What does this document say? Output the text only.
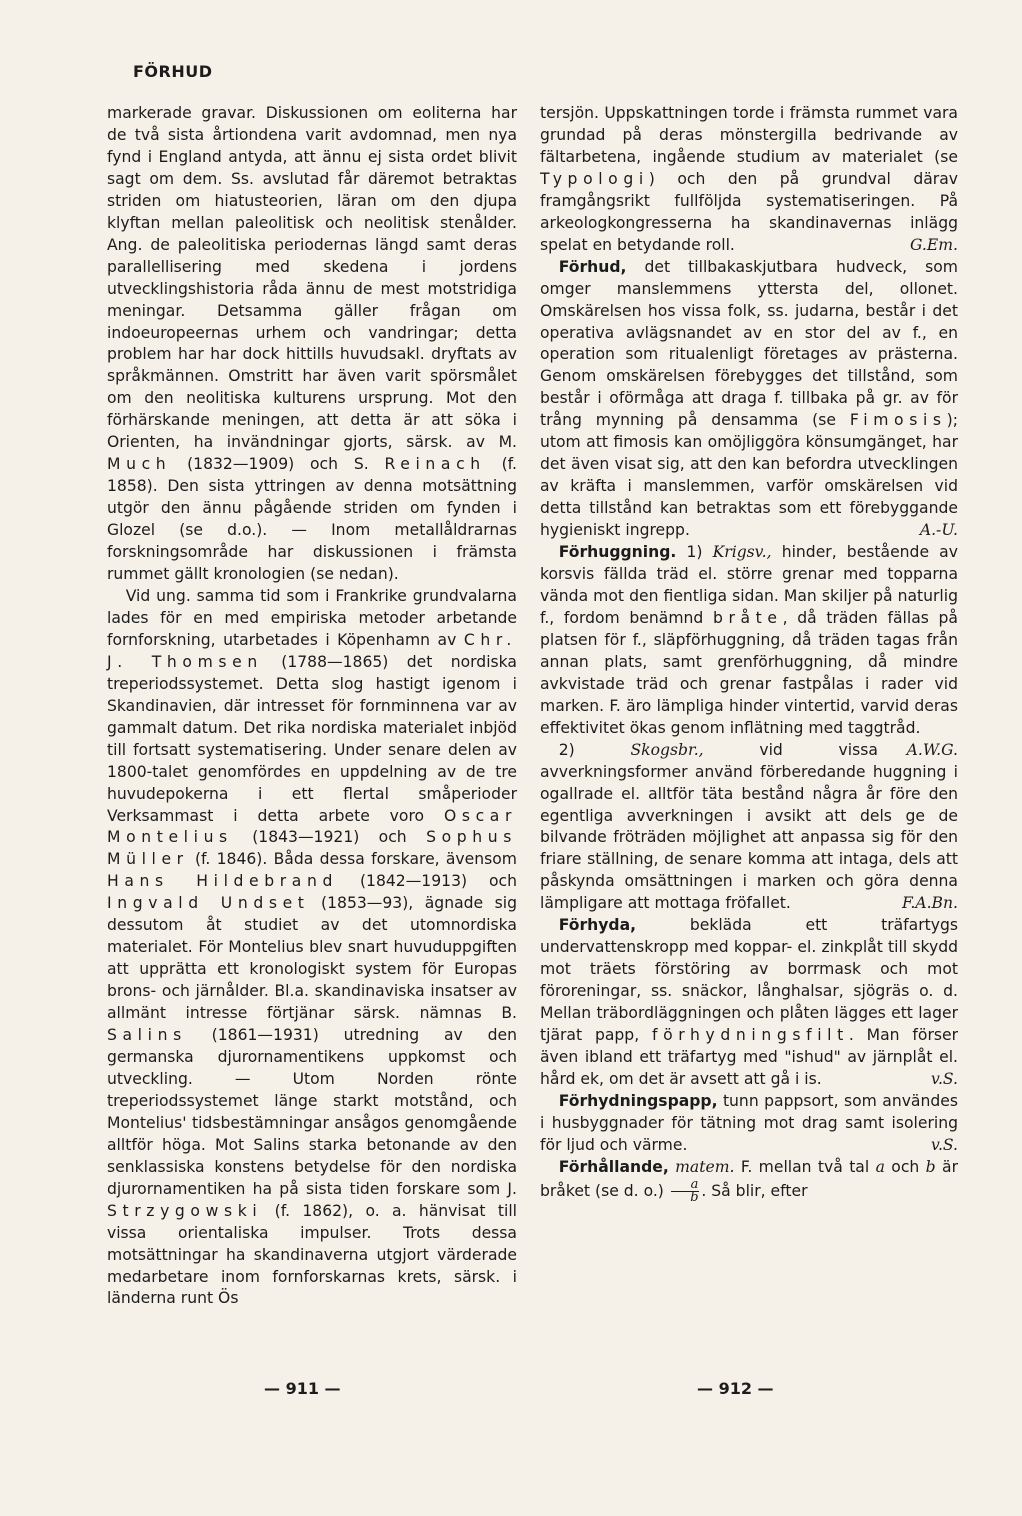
FÖRHUD

markerade gravar. Diskussionen om eoliterna har de två sista årtiondena varit avdomnad, men nya fynd i England antyda, att ännu ej sista ordet blivit sagt om dem. Ss. avslutad får däremot betraktas striden om hiatusteorien, läran om den djupa klyftan mellan paleolitisk och neolitisk stenålder. Ang. de paleolitiska periodernas längd samt deras parallellisering med skedena i jordens utvecklingshistoria råda ännu de mest motstridiga meningar. Detsamma gäller frågan om indoeuropeernas urhem och vandringar; detta problem har har dock hittills huvudsakl. dryftats av språkmännen. Omstritt har även varit spörsmålet om den neolitiska kulturens ursprung. Mot den förhärskande meningen, att detta är att söka i Orienten, ha invändningar gjorts, särsk. av M. Much (1832—1909) och S. Reinach (f. 1858). Den sista yttringen av denna motsättning utgör den ännu pågående striden om fynden i Glozel (se d.o.). — Inom metallåldrarnas forskningsområde har diskussionen i främsta rummet gällt kronologien (se nedan).

Vid ung. samma tid som i Frankrike grundvalarna lades för en med empiriska metoder arbetande fornforskning, utarbetades i Köpenhamn av Chr. J. Thomsen (1788—1865) det nordiska treperiodssystemet. Detta slog hastigt igenom i Skandinavien, där intresset för fornminnena var av gammalt datum. Det rika nordiska materialet inbjöd till fortsatt systematisering. Under senare delen av 1800-talet genomfördes en uppdelning av de tre huvudepokerna i ett flertal småperioder Verksammast i detta arbete voro Oscar Montelius (1843—1921) och Sophus Müller (f. 1846). Båda dessa forskare, ävensom Hans Hildebrand (1842—1913) och Ingvald Undset (1853—93), ägnade sig dessutom åt studiet av det utomnordiska materialet. För Montelius blev snart huvuduppgiften att upprätta ett kronologiskt system för Europas brons- och järnålder. Bl.a. skandinaviska insatser av allmänt intresse förtjänar särsk. nämnas B. Salins (1861—1931) utredning av den germanska djurornamentikens uppkomst och utveckling. — Utom Norden rönte treperiodssystemet länge starkt motstånd, och Montelius' tidsbestämningar ansågos genomgående alltför höga. Mot Salins starka betonande av den senklassiska konstens betydelse för den nordiska djurornamentiken ha på sista tiden forskare som J. Strzygowski (f. 1862), o. a. hänvisat till vissa orientaliska impulser. Trots dessa motsättningar ha skandinaverna utgjort värderade medarbetare inom fornforskarnas krets, särsk. i länderna runt Ös

tersjön. Uppskattningen torde i främsta rummet vara grundad på deras mönstergilla bedrivande av fältarbetena, ingående studium av materialet (se Typologi) och den på grundval därav framgångsrikt fullföljda systematiseringen. På arkeologkongresserna ha skandinavernas inlägg spelat en betydande roll.	G.Em.

Förhud, det tillbakaskjutbara hudveck, som omger manslemmens yttersta del, ollonet. Omskärelsen hos vissa folk, ss. judarna, består i det operativa avlägsnandet av en stor del av f., en operation som ritualenligt företages av prästerna. Genom omskärelsen förebygges det tillstånd, som består i oförmåga att draga f. tillbaka på gr. av för trång mynning på densamma (se Fimosis); utom att fimosis kan omöjliggöra könsumgänget, har det även visat sig, att den kan befordra utvecklingen av kräfta i manslemmen, varför omskärelsen vid detta tillstånd kan betraktas som ett förebyggande hygieniskt ingrepp.	A.-U.

Förhuggning. 1) Krigsv., hinder, bestående av korsvis fällda träd el. större grenar med topparna vända mot den fientliga sidan. Man skiljer på naturlig f., fordom benämnd bråte, då träden fällas på platsen för f., släpförhuggning, då träden tagas från annan plats, samt grenförhuggning, då mindre avkvistade träd och grenar fastpålas i rader vid marken. F. äro lämpliga hinder vintertid, varvid deras effektivitet ökas genom inflätning med taggtråd.
A.W.G.

2)	Skogsbr.,	vid vissa avverkningsformer använd förberedande huggning i ogallrade el. alltför täta bestånd några år före den egentliga avverkningen i avsikt att dels ge de bilvande fröträden möjlighet att anpassa sig för den friare ställning, de senare komma att intaga, dels att påskynda omsättningen i marken och göra denna lämpligare att mottaga fröfallet.	F.A.Bn.

Förhyda,	bekläda ett träfartygs undervattenskropp med koppar- el. zinkplåt till skydd mot träets förstöring av borrmask och mot föroreningar, ss. snäckor, långhalsar, sjögräs o. d. Mellan träbordläggningen och plåten lägges ett lager tjärat papp, förhydningsfilt. Man förser även ibland ett träfartyg med "ishud" av järnplåt el. hård ek, om det är avsett att gå i is.	v.S.

Förhydningspapp, tunn pappsort, som användes i husbyggnader för tätning mot drag samt isolering för ljud och värme.	v.S.

Förhållande, matem. F. mellan två tal a och b är bråket (se d. $o.) \frac{a}{b}$ . Så blir, efter

— 911 —	— 912 —
